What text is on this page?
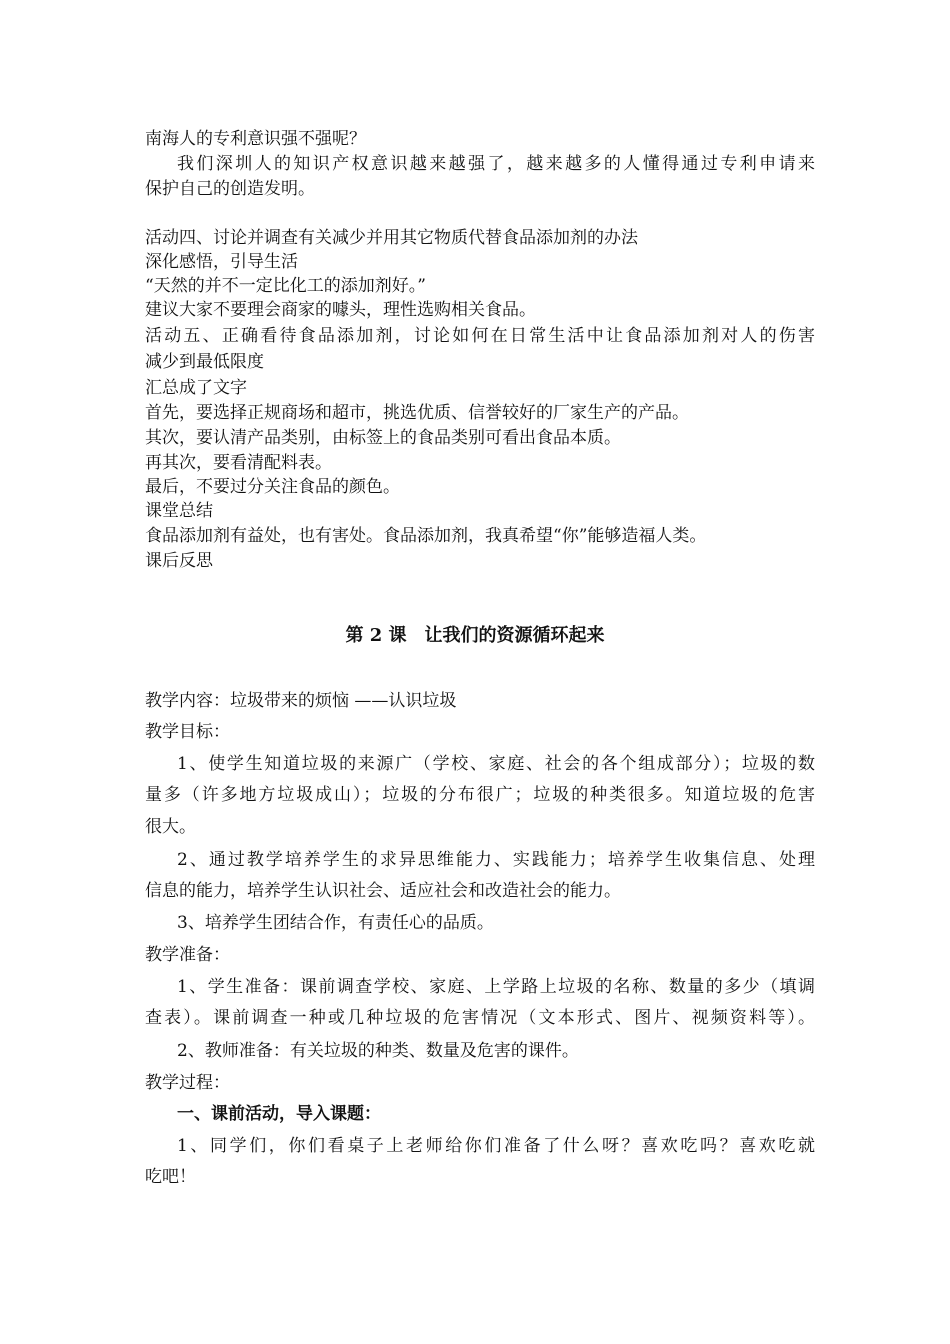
南海人的专利意识强不强呢？
我们深圳人的知识产权意识越来越强了，越来越多的人懂得通过专利申请来
保护自己的创造发明。
活动四、讨论并调查有关减少并用其它物质代替食品添加剂的办法
深化感悟，引导生活
“天然的并不一定比化工的添加剂好。”
建议大家不要理会商家的噱头，理性选购相关食品。
活动五、正确看待食品添加剂，讨论如何在日常生活中让食品添加剂对人的伤害
减少到最低限度
汇总成了文字
首先，要选择正规商场和超市，挑选优质、信誉较好的厂家生产的产品。
其次，要认清产品类别，由标签上的食品类别可看出食品本质。
再其次，要看清配料表。
最后，不要过分关注食品的颜色。
课堂总结
食品添加剂有益处，也有害处。食品添加剂，我真希望“你”能够造福人类。
课后反思
第 2 课　让我们的资源循环起来
教学内容：垃圾带来的烦恼 ——认识垃圾
教学目标：
1、使学生知道垃圾的来源广（学校、家庭、社会的各个组成部分）；垃圾的数
量多（许多地方垃圾成山）；垃圾的分布很广；垃圾的种类很多。知道垃圾的危害
很大。
2、通过教学培养学生的求异思维能力、实践能力；培养学生收集信息、处理
信息的能力，培养学生认识社会、适应社会和改造社会的能力。
3、培养学生团结合作，有责任心的品质。
教学准备：
1、学生准备：课前调查学校、家庭、上学路上垃圾的名称、数量的多少（填调
查表）。课前调查一种或几种垃圾的危害情况（文本形式、图片、视频资料等）。
2、教师准备：有关垃圾的种类、数量及危害的课件。
教学过程：
一、课前活动，导入课题：
1、同学们，你们看桌子上老师给你们准备了什么呀？喜欢吃吗？喜欢吃就
吃吧！
